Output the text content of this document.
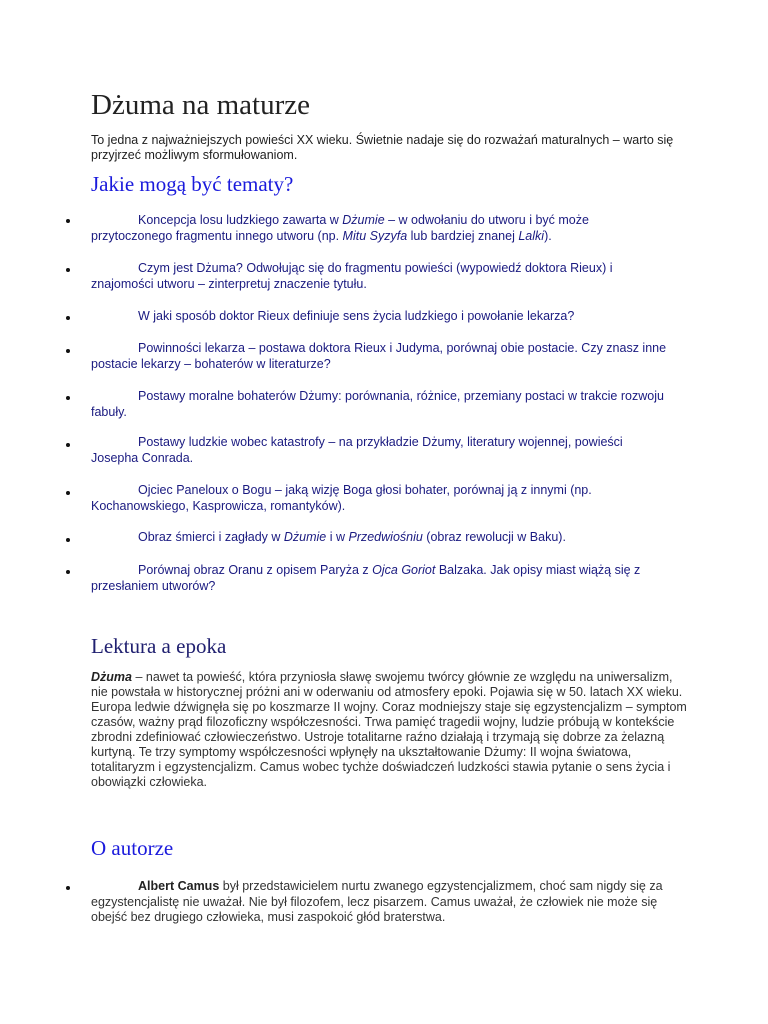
Dżuma na maturze
To jedna z najważniejszych powieści XX wieku. Świetnie nadaje się do rozważań maturalnych – warto się przyjrzeć możliwym sformułowaniom.
Jakie mogą być tematy?
Koncepcja losu ludzkiego zawarta w Dżumie – w odwołaniu do utworu i być może przytoczonego fragmentu innego utworu (np. Mitu Syzyfa lub bardziej znanej Lalki).
Czym jest Dżuma? Odwołując się do fragmentu powieści (wypowiedź doktora Rieux) i znajomości utworu – zinterpretuj znaczenie tytułu.
W jaki sposób doktor Rieux definiuje sens życia ludzkiego i powołanie lekarza?
Powinności lekarza – postawa doktora Rieux i Judyma, porównaj obie postacie. Czy znasz inne postacie lekarzy – bohaterów w literaturze?
Postawy moralne bohaterów Dżumy: porównania, różnice, przemiany postaci w trakcie rozwoju fabuły.
Postawy ludzkie wobec katastrofy – na przykładzie Dżumy, literatury wojennej, powieści Josepha Conrada.
Ojciec Paneloux o Bogu – jaką wizję Boga głosi bohater, porównaj ją z innymi (np. Kochanowskiego, Kasprowicza, romantyków).
Obraz śmierci i zagłady w Dżumie i w Przedwiośniu (obraz rewolucji w Baku).
Porównaj obraz Oranu z opisem Paryża z Ojca Goriot Balzaka. Jak opisy miast wiążą się z przesłaniem utworów?
Lektura a epoka
Dżuma – nawet ta powieść, która przyniosła sławę swojemu twórcy głównie ze względu na uniwersalizm, nie powstała w historycznej próżni ani w oderwaniu od atmosfery epoki. Pojawia się w 50. latach XX wieku. Europa ledwie dźwignęła się po koszmarze II wojny. Coraz modniejszy staje się egzystencjalizm – symptom czasów, ważny prąd filozoficzny współczesności. Trwa pamięć tragedii wojny, ludzie próbują w kontekście zbrodni zdefiniować człowieczeństwo. Ustroje totalitarne raźno działają i trzymają się dobrze za żelazną kurtyną. Te trzy symptomy współczesności wpłynęły na ukształtowanie Dżumy: II wojna światowa, totalitaryzm i egzystencjalizm. Camus wobec tychże doświadczeń ludzkości stawia pytanie o sens życia i obowiązki człowieka.
O autorze
Albert Camus był przedstawicielem nurtu zwanego egzystencjalizmem, choć sam nigdy się za egzystencjalistę nie uważał. Nie był filozofem, lecz pisarzem. Camus uważał, że człowiek nie może się obejść bez drugiego człowieka, musi zaspokoić głód braterstwa.
